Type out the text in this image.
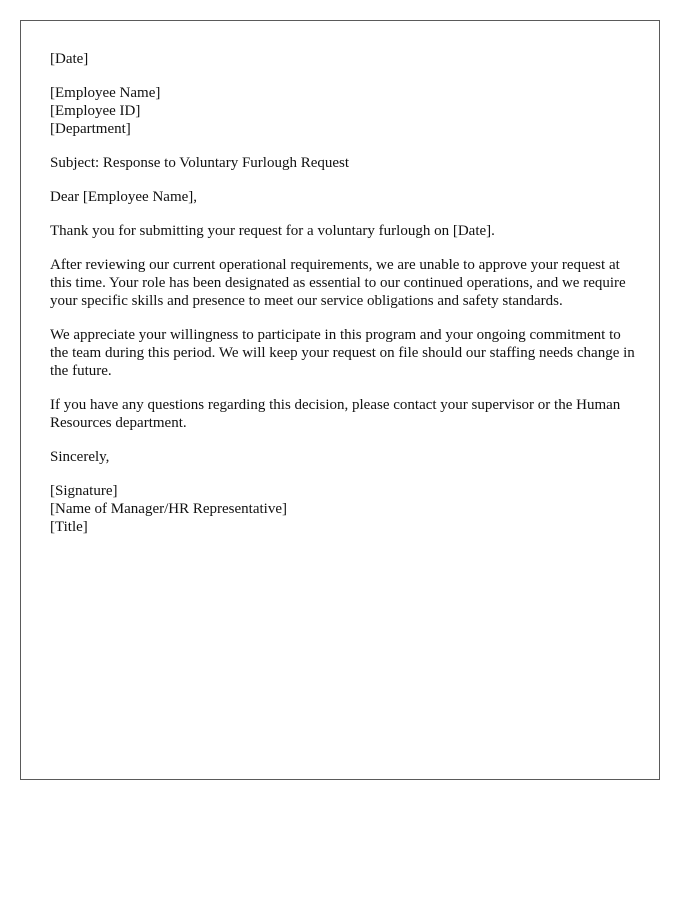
[Date]
[Employee Name]
[Employee ID]
[Department]

Subject: Response to Voluntary Furlough Request

Dear [Employee Name],

Thank you for submitting your request for a voluntary furlough on [Date].

After reviewing our current operational requirements, we are unable to approve your request at this time. Your role has been designated as essential to our continued operations, and we require your specific skills and presence to meet our service obligations and safety standards.

We appreciate your willingness to participate in this program and your ongoing commitment to the team during this period. We will keep your request on file should our staffing needs change in the future.

If you have any questions regarding this decision, please contact your supervisor or the Human Resources department.

Sincerely,

[Signature]
[Name of Manager/HR Representative]
[Title]
